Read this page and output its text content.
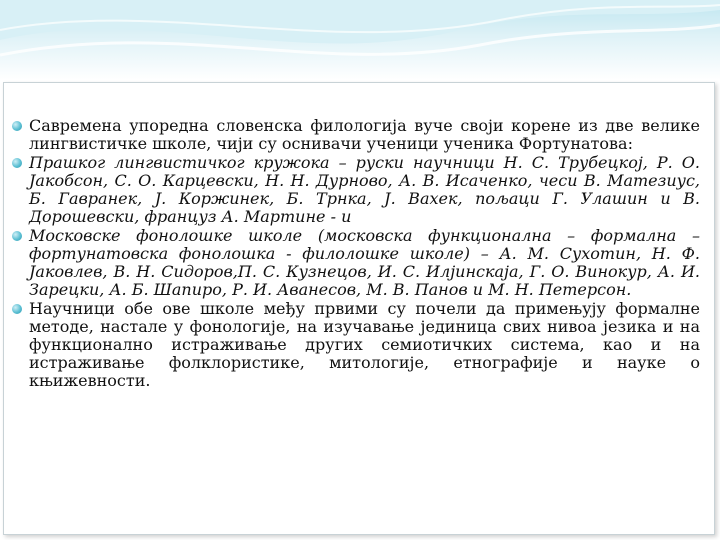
Савремена упоредна словенска филологија вуче своји корене из две велике лингвистичке школе, чији су оснивачи ученици ученика Фортунатова:
Прашког лингвистичког кружока – руски научници Н. С. Трубецкој, Р. О. Јакобсон, С. О. Карцевски, Н. Н. Дурново, А. В. Исаченко, чеси В. Матезиус, Б. Гавранек, Ј. Коржинек, Б. Трнка, Ј. Вахек, пољаци Г. Улашин и В. Дорошевски, француз А. Мартине - и
Московске фонолошке школе (московска функционална – формална – фортунатовска фонолошка - филолошке школе) – А. М. Сухотин, Н. Ф. Јаковлев, В. Н. Сидоров,П. С. Кузнецов, И. С. Илјинскаја, Г. О. Винокур, А. И. Зарецки, А. Б. Шапиро, Р. И. Аванесов, М. В. Панов и М. Н. Петерсон.
Научници обе ове школе међу првими су почели да примењују формалне методе, настале у фонологије, на изучавање јединица свих нивоа језика и на функционално истраживање других семиотичких система, као и на истраживање фолклористике, митологије, етнографије и науке о књижевности.
